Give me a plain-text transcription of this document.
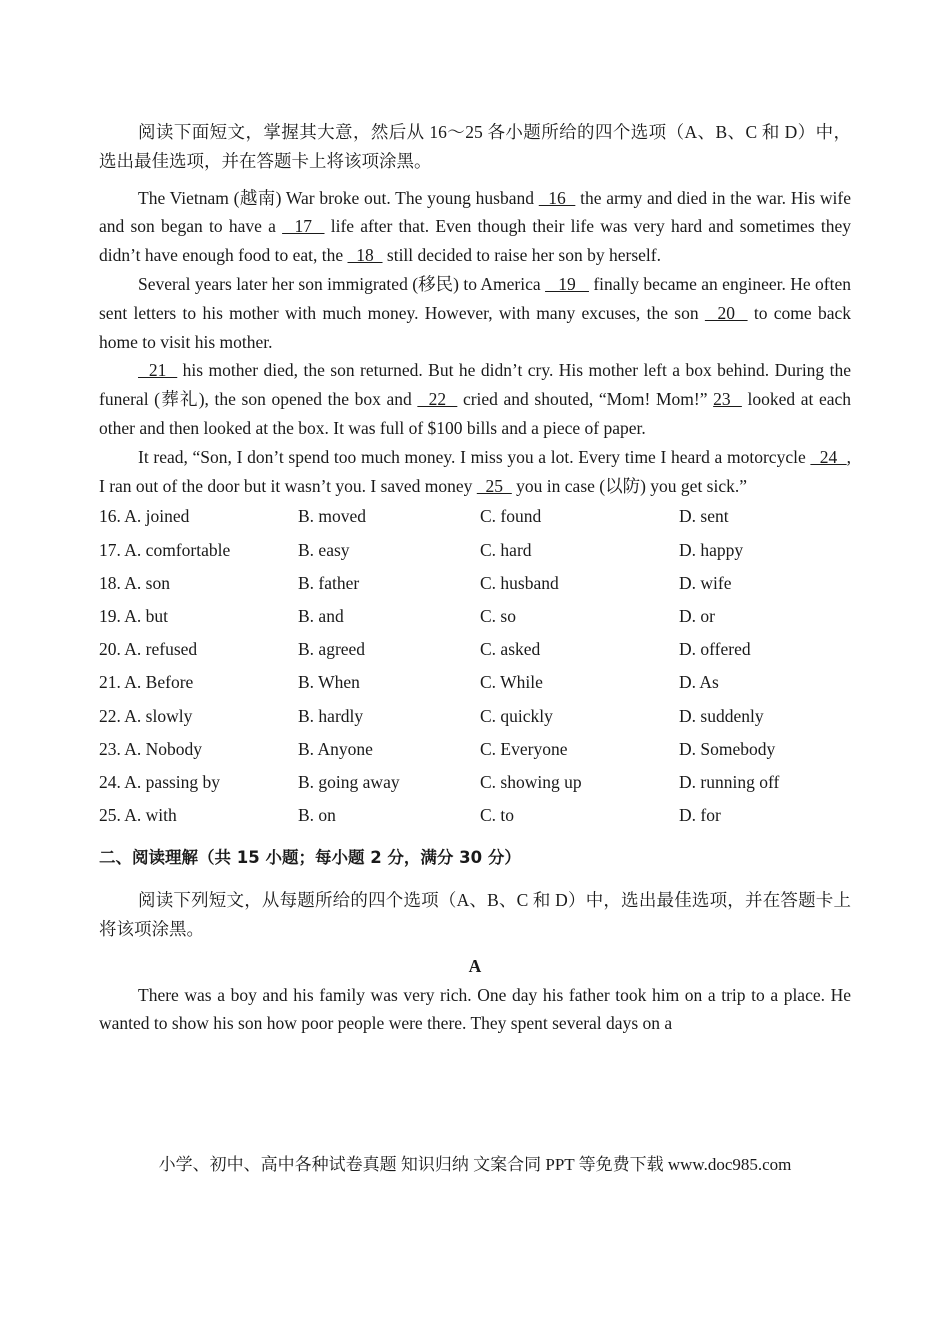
阅读下面短文，掌握其大意，然后从 16～25 各小题所给的四个选项（A、B、C 和 D）中，选出最佳选项，并在答题卡上将该项涂黑。

The Vietnam (越南) War broke out. The young husband   16   the army and died in the war. His wife and son began to have a   17   life after that. Even though their life was very hard and sometimes they didn’t have enough food to eat, the   18   still decided to raise her son by herself.

Several years later her son immigrated (移民) to America    19    finally became an engineer. He often sent letters to his mother with much money. However, with many excuses, the son   20   to come back home to visit his mother.

21   his mother died, the son returned. But he didn’t cry. His mother left a box behind. During the funeral (葬礼), the son opened the box and   22   cried and shouted, “Mom! Mom!” 23   looked at each other and then looked at the box. It was full of $100 bills and a piece of paper.

It read, “Son, I don’t spend too much money. I miss you a lot. Every time I heard a motorcycle   24  , I ran out of the door but it wasn’t you. I saved money   25   you in case (以防) you get sick.”

16. A. joined	B. moved	C. found	D. sent
17. A. comfortable	B. easy	C. hard	D. happy
18. A. son	B. father	C. husband	D. wife
19. A. but	B. and	C. so	D. or
20. A. refused	B. agreed	C. asked	D. offered
21. A. Before	B. When	C. While	D. As
22. A. slowly	B. hardly	C. quickly	D. suddenly
23. A. Nobody	B. Anyone	C. Everyone	D. Somebody
24. A. passing by	B. going away	C. showing up	D. running off
25. A. with	B. on	C. to	D. for
二、阅读理解（共 15 小题；每小题 2 分，满分 30 分）

阅读下列短文，从每题所给的四个选项（A、B、C 和 D）中，选出最佳选项，并在答题卡上将该项涂黑。

A

There was a boy and his family was very rich. One day his father took him on a trip to a place. He wanted to show his son how poor people were there. They spent several days on a

小学、初中、高中各种试卷真题 知识归纳 文案合同 PPT 等免费下载 www.doc985.com
